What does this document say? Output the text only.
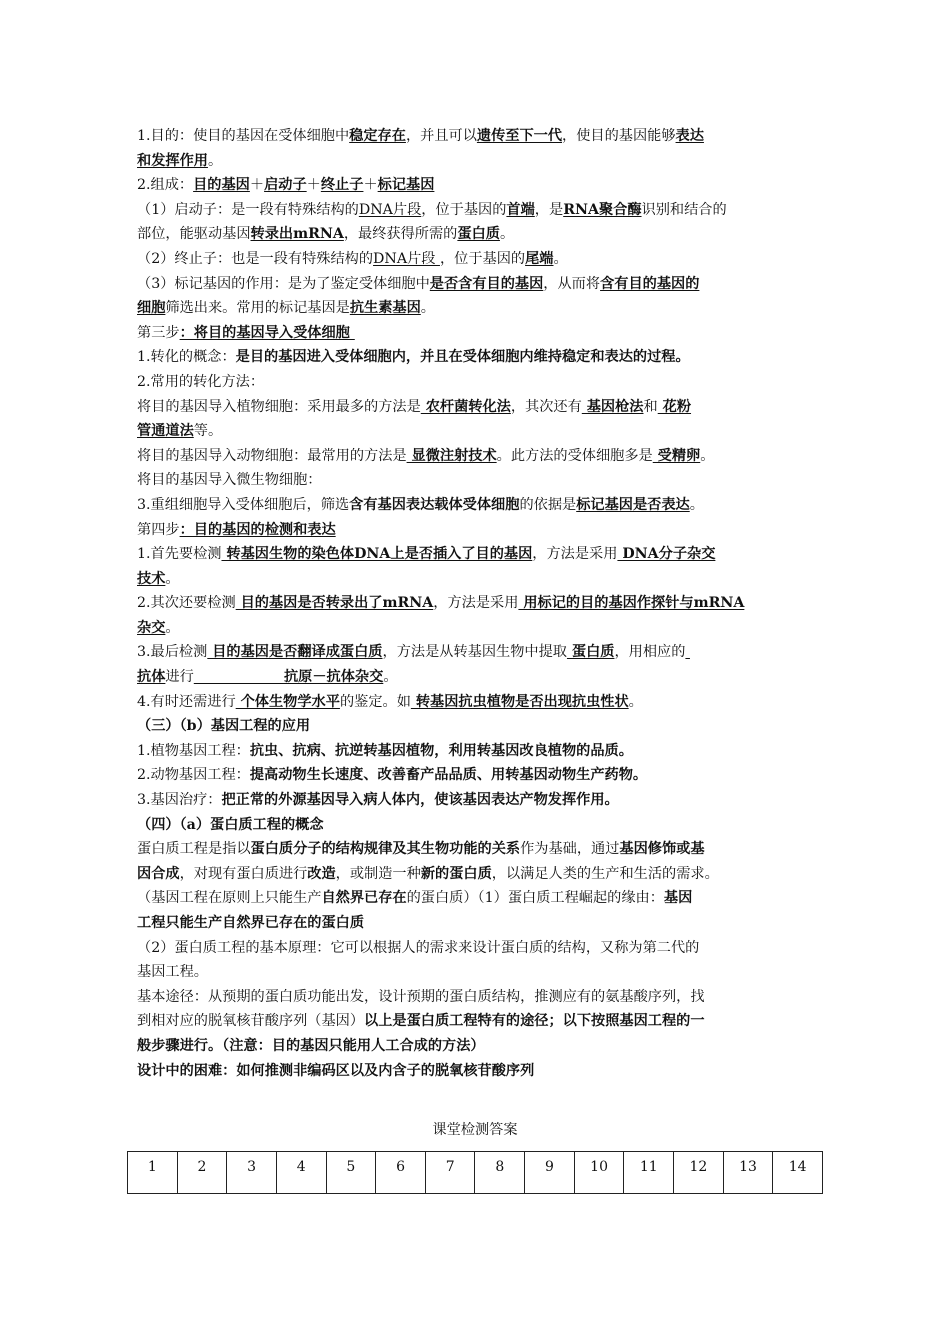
1.目的：使目的基因在受体细胞中稳定存在，并且可以遗传至下一代，使目的基因能够表达
和发挥作用。
2.组成：目的基因＋启动子＋终止子＋标记基因
（1）启动子：是一段有特殊结构的DNA片段，位于基因的首端，是RNA聚合酶识别和结合的
部位，能驱动基因转录出mRNA，最终获得所需的蛋白质。
（2）终止子：也是一段有特殊结构的DNA片段 ，位于基因的尾端。
（3）标记基因的作用：是为了鉴定受体细胞中是否含有目的基因，从而将含有目的基因的
细胞筛选出来。常用的标记基因是抗生素基因。
第三步：将目的基因导入受体细胞
1.转化的概念：是目的基因进入受体细胞内，并且在受体细胞内维持稳定和表达的过程。
2.常用的转化方法：
将目的基因导入植物细胞：采用最多的方法是 农杆菌转化法，其次还有 基因枪法和 花粉
管通道法等。
将目的基因导入动物细胞：最常用的方法是 显微注射技术。此方法的受体细胞多是 受精卵。
将目的基因导入微生物细胞：
3.重组细胞导入受体细胞后，筛选含有基因表达载体受体细胞的依据是标记基因是否表达。
第四步：目的基因的检测和表达
1.首先要检测 转基因生物的染色体DNA上是否插入了目的基因，方法是采用 DNA分子杂交
技术。
2.其次还要检测 目的基因是否转录出了mRNA，方法是采用 用标记的目的基因作探针与mRNA
杂交。
3.最后检测 目的基因是否翻译成蛋白质，方法是从转基因生物中提取 蛋白质，用相应的
抗体进行	抗原－抗体杂交。
4.有时还需进行 个体生物学水平的鉴定。如 转基因抗虫植物是否出现抗虫性状。
（三）（b）基因工程的应用
1.植物基因工程：抗虫、抗病、抗逆转基因植物，利用转基因改良植物的品质。
2.动物基因工程：提高动物生长速度、改善畜产品品质、用转基因动物生产药物。
3.基因治疗：把正常的外源基因导入病人体内，使该基因表达产物发挥作用。
（四）（a）蛋白质工程的概念
蛋白质工程是指以蛋白质分子的结构规律及其生物功能的关系作为基础，通过基因修饰或基
因合成，对现有蛋白质进行改造，或制造一种新的蛋白质，以满足人类的生产和生活的需求。
（基因工程在原则上只能生产自然界已存在的蛋白质）（1）蛋白质工程崛起的缘由：基因
工程只能生产自然界已存在的蛋白质
（2）蛋白质工程的基本原理：它可以根据人的需求来设计蛋白质的结构，又称为第二代的
基因工程。
基本途径：从预期的蛋白质功能出发，设计预期的蛋白质结构，推测应有的氨基酸序列，找
到相对应的脱氧核苷酸序列（基因）以上是蛋白质工程特有的途径；以下按照基因工程的一
般步骤进行。（注意：目的基因只能用人工合成的方法）
设计中的困难：如何推测非编码区以及内含子的脱氧核苷酸序列
课堂检测答案
1	2	3	4	5	6	7	8	9	10	11	12	13	14
